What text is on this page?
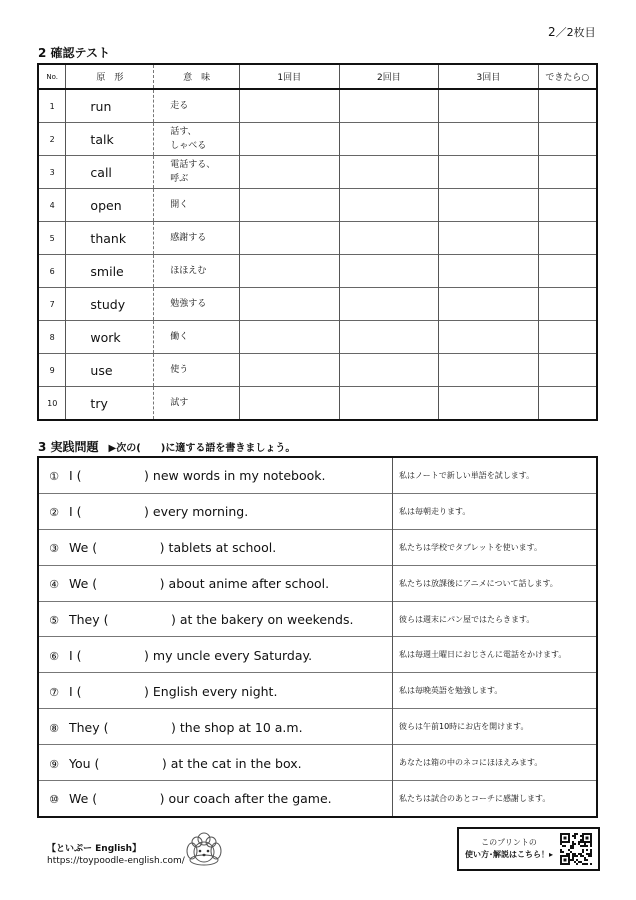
2／2枚目
2 確認テスト
No.	原　形	意　味	1回目	2回目	3回目	できたら○
1	run	走る				
2	talk	話す、
しゃべる				
3	call	電話する、
呼ぶ				
4	open	開く				
5	thank	感謝する				
6	smile	ほほえむ				
7	study	勉強する				
8	work	働く				
9	use	使う				
10	try	試す				
3 実践問題 ▶次の(　　)に適する語を書きましょう。
① I (　　　　　) new words in my notebook.	私はノートで新しい単語を試します。
② I (　　　　　) every morning.	私は毎朝走ります。
③ We (　　　　　) tablets at school.	私たちは学校でタブレットを使います。
④ We (　　　　　) about anime after school.	私たちは放課後にアニメについて話します。
⑤ They (　　　　　) at the bakery on weekends.	彼らは週末にパン屋ではたらきます。
⑥ I (　　　　　) my uncle every Saturday.	私は毎週土曜日におじさんに電話をかけます。
⑦ I (　　　　　) English every night.	私は毎晩英語を勉強します。
⑧ They (　　　　　) the shop at 10 a.m.	彼らは午前10時にお店を開けます。
⑨ You (　　　　　) at the cat in the box.	あなたは箱の中のネコにほほえみます。
⑩ We (　　　　　) our coach after the game.	私たちは試合のあとコーチに感謝します。
【といぷー English】
https://toypoodle-english.com/
このプリントの
使い方･解説はこちら！▸
